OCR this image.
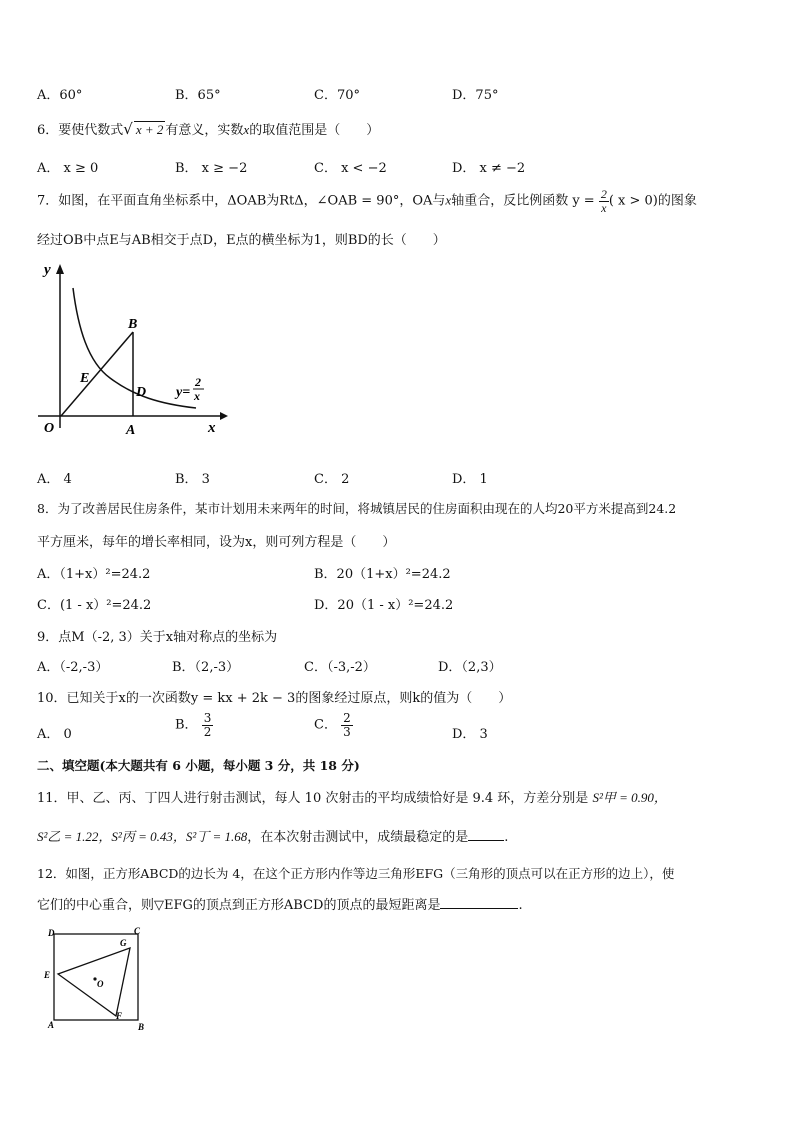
A．60°	B．65°	C．70°	D．75°
6．要使代数式√ x + 2 有意义，实数x的取值范围是（　　）
A． x ≥ 0	B． x ≥ −2	C． x < −2	D． x ≠ −2
7．如图，在平面直角坐标系中，ΔOAB为RtΔ，∠OAB = 90°，OA与x轴重合，反比例函数 $y = \frac{2}{x}$ ( x > 0)的图象
经过OB中点E与AB相交于点D，E点的横坐标为1，则BD的长（　　）
y
x
O	A
B
E
D y=
2
x
A． 4	B． 3	C． 2	D． 1
8．为了改善居民住房条件，某市计划用未来两年的时间，将城镇居民的住房面积由现在的人均20平方米提高到24.2
平方厘米，每年的增长率相同，设为x，则可列方程是（　　）
A．（1+x）²=24.2	B．20（1+x）²=24.2
C．(1 - x）²=24.2	D．20（1 - x）²=24.2
9．点M（-2, 3）关于x轴对称点的坐标为
A．（-2,-3）	B．（2,-3）	C．（-3,-2）	D．（2,3）
10．已知关于x的一次函数y = kx + 2k − 3的图象经过原点，则k的值为（　　）
A． 0
B． $\frac{3}{2}$	C． $\frac{2}{3}$	D． 3
二、填空题(本大题共有 6 小题，每小题 3 分，共 18 分)
11．甲、乙、丙、丁四人进行射击测试，每人 10 次射击的平均成绩恰好是 9.4 环，方差分别是 S²甲 = 0.90，
S²乙 = 1.22，S²丙 = 0.43，S²丁 = 1.68，在本次射击测试中，成绩最稳定的是	.
12．如图，正方形ABCD的边长为 4，在这个正方形内作等边三角形EFG（三角形的顶点可以在正方形的边上），使
它们的中心重合，则▽EFG的顶点到正方形ABCD的顶点的最短距离是	.
D	C
A	B
E
G
F
O
